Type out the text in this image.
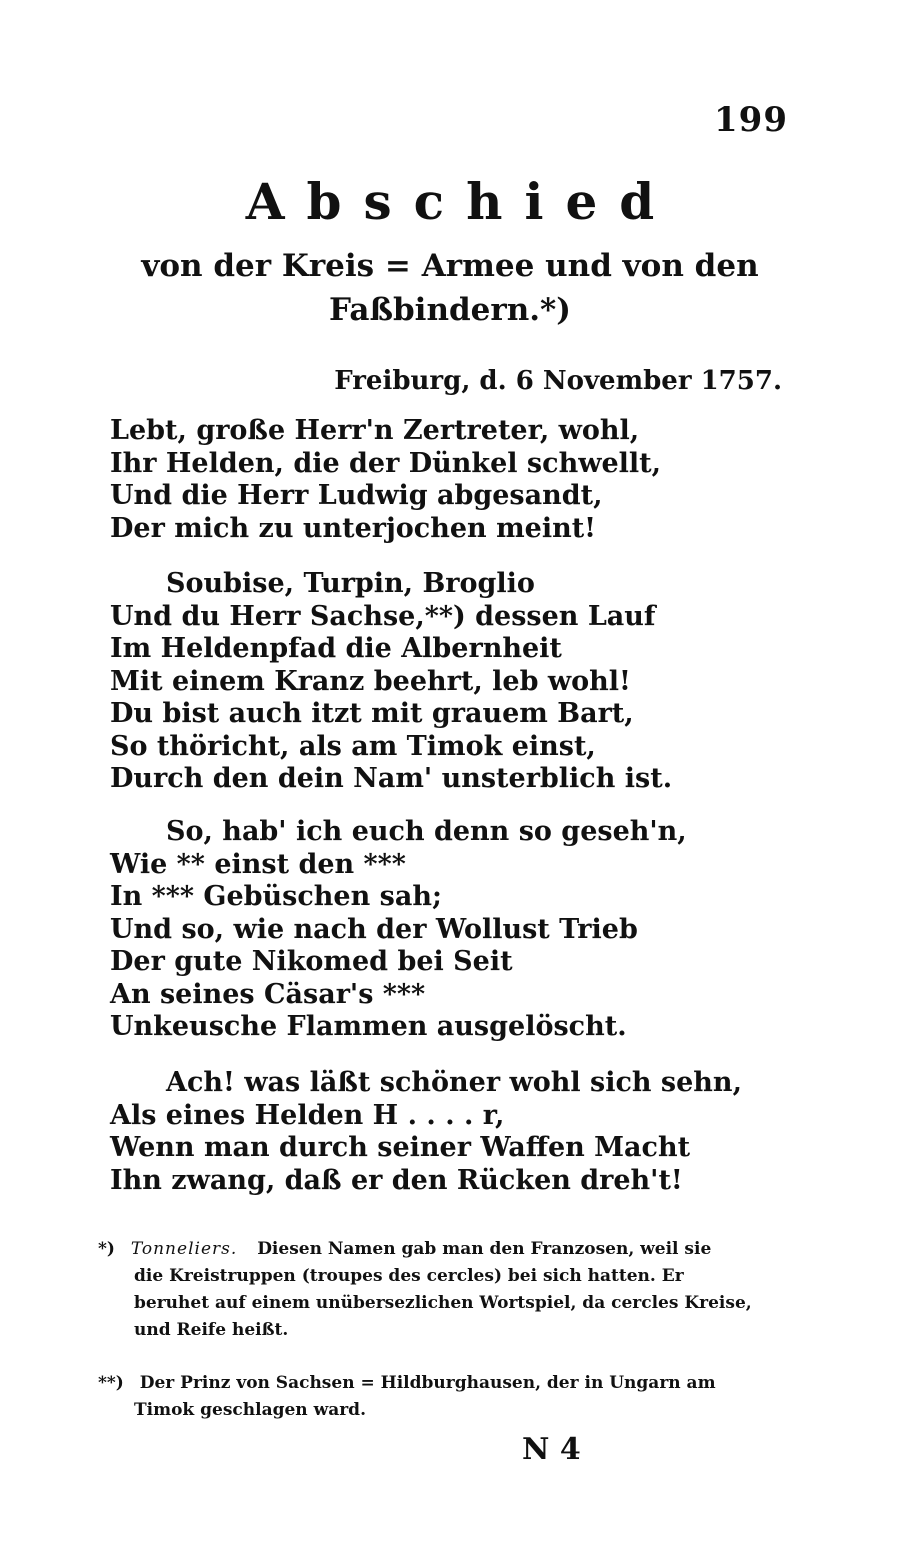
199
Abschied
von der Kreis = Armee und von den
Faßbindern.*)
Freiburg, d. 6 November 1757.
Lebt, große Herr'n Zertreter, wohl,
Ihr Helden, die der Dünkel schwellt,
Und die Herr Ludwig abgesandt,
Der mich zu unterjochen meint!
Soubise, Turpin, Broglio
Und du Herr Sachse,**) dessen Lauf
Im Heldenpfad die Albernheit
Mit einem Kranz beehrt, leb wohl!
Du bist auch itzt mit grauem Bart,
So thöricht, als am Timok einst,
Durch den dein Nam' unsterblich ist.
So, hab' ich euch denn so geseh'n,
Wie ** einst den ***
In *** Gebüschen sah;
Und so, wie nach der Wollust Trieb
Der gute Nikomed bei Seit
An seines Cäsar's ***
Unkeusche Flammen ausgelöscht.
Ach! was läßt schöner wohl sich sehn,
Als eines Helden H . . . . r,
Wenn man durch seiner Waffen Macht
Ihn zwang, daß er den Rücken dreh't!
*) Tonneliers. Diesen Namen gab man den Franzosen, weil sie
die Kreistruppen (troupes des cercles) bei sich hatten. Er
beruhet auf einem unübersezlichen Wortspiel, da cercles Kreise,
und Reife heißt.
**) Der Prinz von Sachsen = Hildburghausen, der in Ungarn am
Timok geschlagen ward.
N 4
